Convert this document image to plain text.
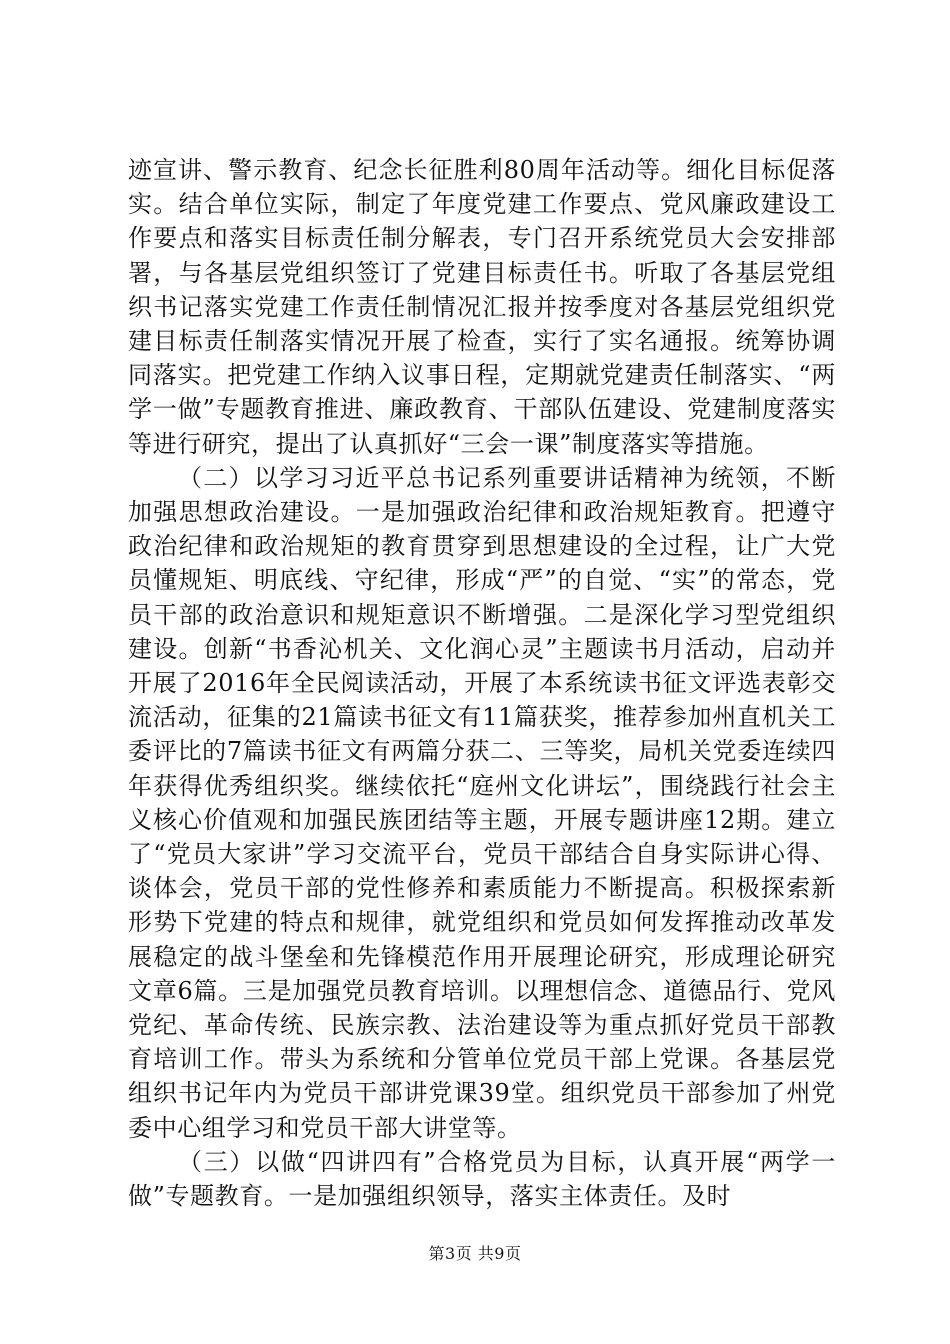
迹宣讲、警示教育、纪念长征胜利80周年活动等。细化目标促落实。结合单位实际，制定了年度党建工作要点、党风廉政建设工作要点和落实目标责任制分解表，专门召开系统党员大会安排部署，与各基层党组织签订了党建目标责任书。听取了各基层党组织书记落实党建工作责任制情况汇报并按季度对各基层党组织党建目标责任制落实情况开展了检查，实行了实名通报。统筹协调同落实。把党建工作纳入议事日程，定期就党建责任制落实、“两学一做”专题教育推进、廉政教育、干部队伍建设、党建制度落实等进行研究，提出了认真抓好“三会一课”制度落实等措施。

（二）以学习习近平总书记系列重要讲话精神为统领，不断加强思想政治建设。一是加强政治纪律和政治规矩教育。把遵守政治纪律和政治规矩的教育贯穿到思想建设的全过程，让广大党员懂规矩、明底线、守纪律，形成“严”的自觉、“实”的常态，党员干部的政治意识和规矩意识不断增强。二是深化学习型党组织建设。创新“书香沁机关、文化润心灵”主题读书月活动，启动并开展了2016年全民阅读活动，开展了本系统读书征文评选表彰交流活动，征集的21篇读书征文有11篇获奖，推荐参加州直机关工委评比的7篇读书征文有两篇分获二、三等奖，局机关党委连续四年获得优秀组织奖。继续依托“庭州文化讲坛”，围绕践行社会主义核心价值观和加强民族团结等主题，开展专题讲座12期。建立了“党员大家讲”学习交流平台，党员干部结合自身实际讲心得、谈体会，党员干部的党性修养和素质能力不断提高。积极探索新形势下党建的特点和规律，就党组织和党员如何发挥推动改革发展稳定的战斗堡垒和先锋模范作用开展理论研究，形成理论研究文章6篇。三是加强党员教育培训。以理想信念、道德品行、党风党纪、革命传统、民族宗教、法治建设等为重点抓好党员干部教育培训工作。带头为系统和分管单位党员干部上党课。各基层党组织书记年内为党员干部讲党课39堂。组织党员干部参加了州党委中心组学习和党员干部大讲堂等。

（三）以做“四讲四有”合格党员为目标，认真开展“两学一做”专题教育。一是加强组织领导，落实主体责任。及时

第3页 共9页
